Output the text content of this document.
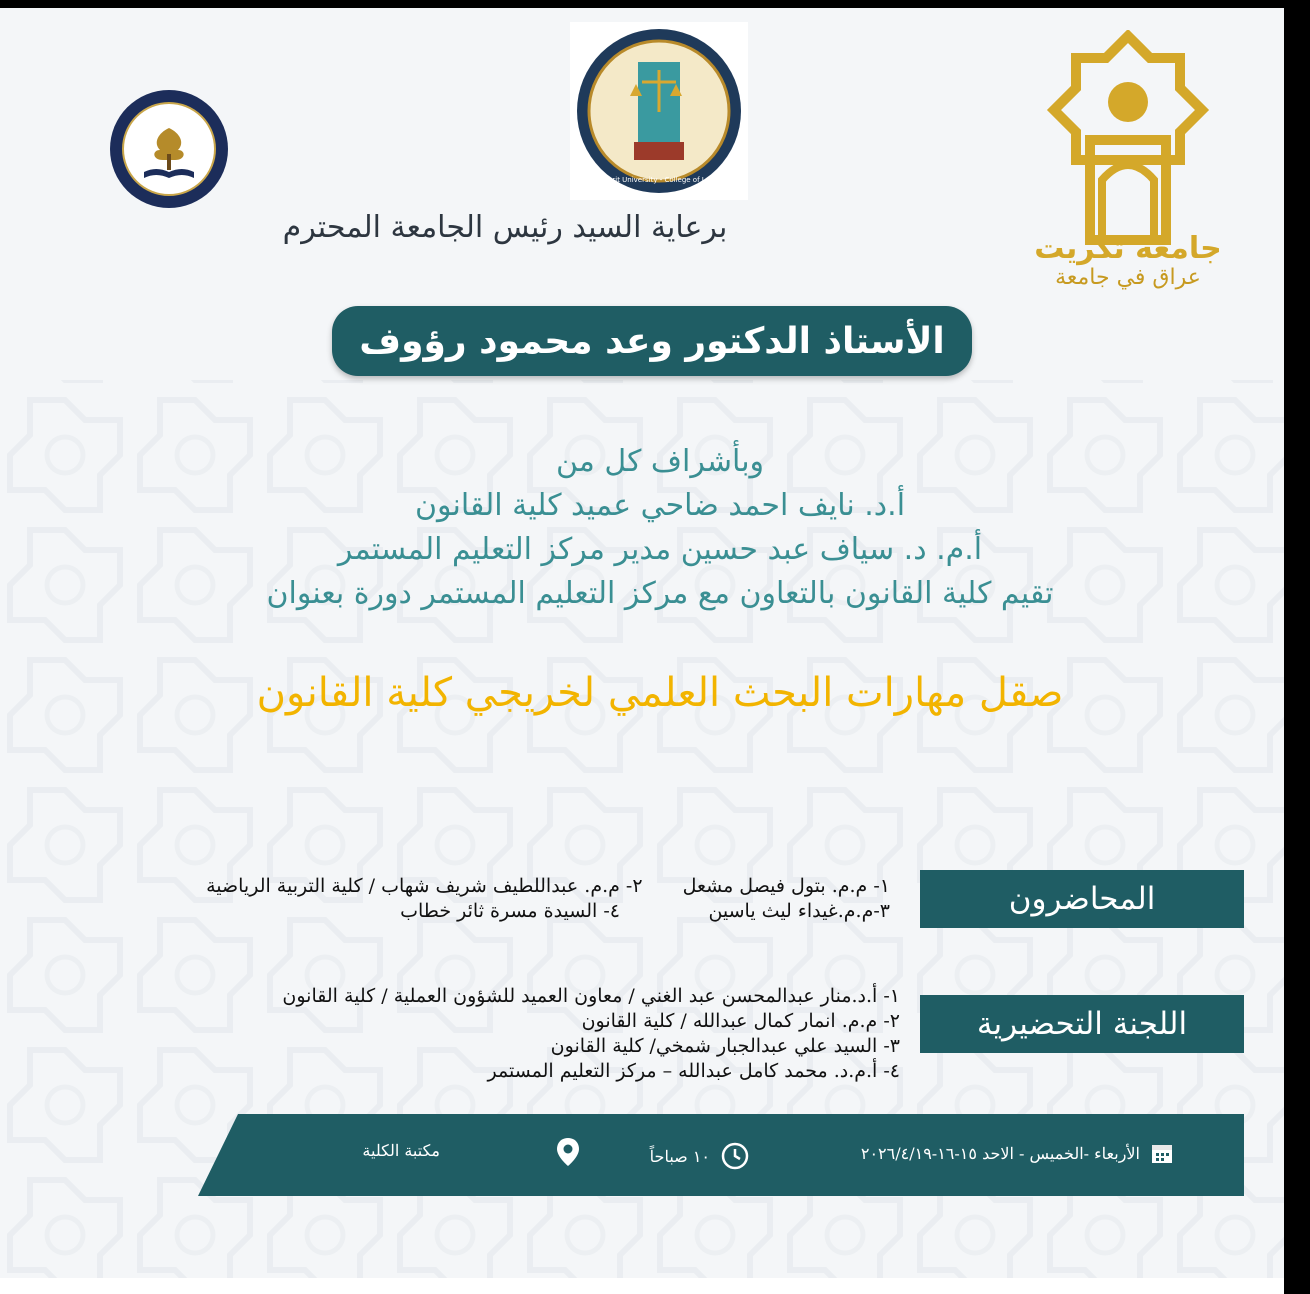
Tikrit University - College of Law
جامعة تكريت
عراق في جامعة
برعاية السيد رئيس الجامعة المحترم
الأستاذ الدكتور وعد محمود رؤوف
وبأشراف كل من
أ.د. نايف احمد ضاحي عميد كلية القانون
أ.م. د. سياف عبد حسين مدير مركز التعليم المستمر
تقيم كلية القانون بالتعاون مع مركز التعليم المستمر دورة بعنوان
صقل مهارات البحث العلمي لخريجي كلية القانون
المحاضرون
١- م.م. بتول فيصل مشعل
٢- م.م. عبداللطيف شريف شهاب / كلية التربية الرياضية
٣-م.م.غيداء ليث ياسين
٤- السيدة مسرة ثائر خطاب
اللجنة التحضيرية
١- أ.د.منار عبدالمحسن عبد الغني / معاون العميد للشؤون العملية / كلية القانون
٢- م.م. انمار كمال عبدالله / كلية القانون
٣- السيد علي عبدالجبار شمخي/ كلية القانون
٤- أ.م.د. محمد كامل عبدالله – مركز التعليم المستمر
الأربعاء -الخميس - الاحد ١٥-١٦-٢٠٢٦/٤/١٩
١٠ صباحاً
مكتبة الكلية
